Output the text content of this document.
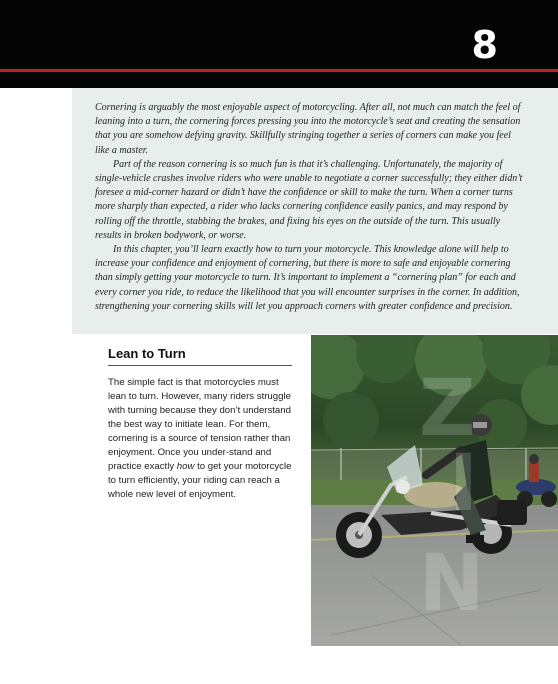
8

Cornering is arguably the most enjoyable aspect of motorcycling. After all, not much can match the feel of leaning into a turn, the cornering forces pressing you into the motorcycle’s seat and creating the sensation that you are somehow defying gravity. Skillfully stringing together a series of corners can make you feel like a master.

Part of the reason cornering is so much fun is that it’s challenging. Unfortunately, the majority of single-vehicle crashes involve riders who were unable to negotiate a corner successfully; they either didn’t foresee a mid-corner hazard or didn’t have the confidence or skill to make the turn. When a corner turns more sharply than expected, a rider who lacks cornering confidence easily panics, and may respond by rolling off the throttle, stabbing the brakes, and fixing his eyes on the outside of the turn. This usually results in broken bodywork, or worse.

In this chapter, you’ll learn exactly how to turn your motorcycle. This knowledge alone will help to increase your confidence and enjoyment of cornering, but there is more to safe and enjoyable cornering than simply getting your motorcycle to turn. It’s important to implement a “cornering plan” for each and every corner you ride, to reduce the likelihood that you will encounter surprises in the corner. In addition, strengthening your cornering skills will let you approach corners with greater confidence and precision.

Lean to Turn

The simple fact is that motorcycles must lean to turn. However, many riders struggle with turning because they don’t understand the best way to initiate lean. For them, cornering is a source of tension rather than enjoyment. Once you under-stand and practice exactly how to get your motorcycle to turn efficiently, your riding can reach a whole new level of enjoyment.

Z
I
N
